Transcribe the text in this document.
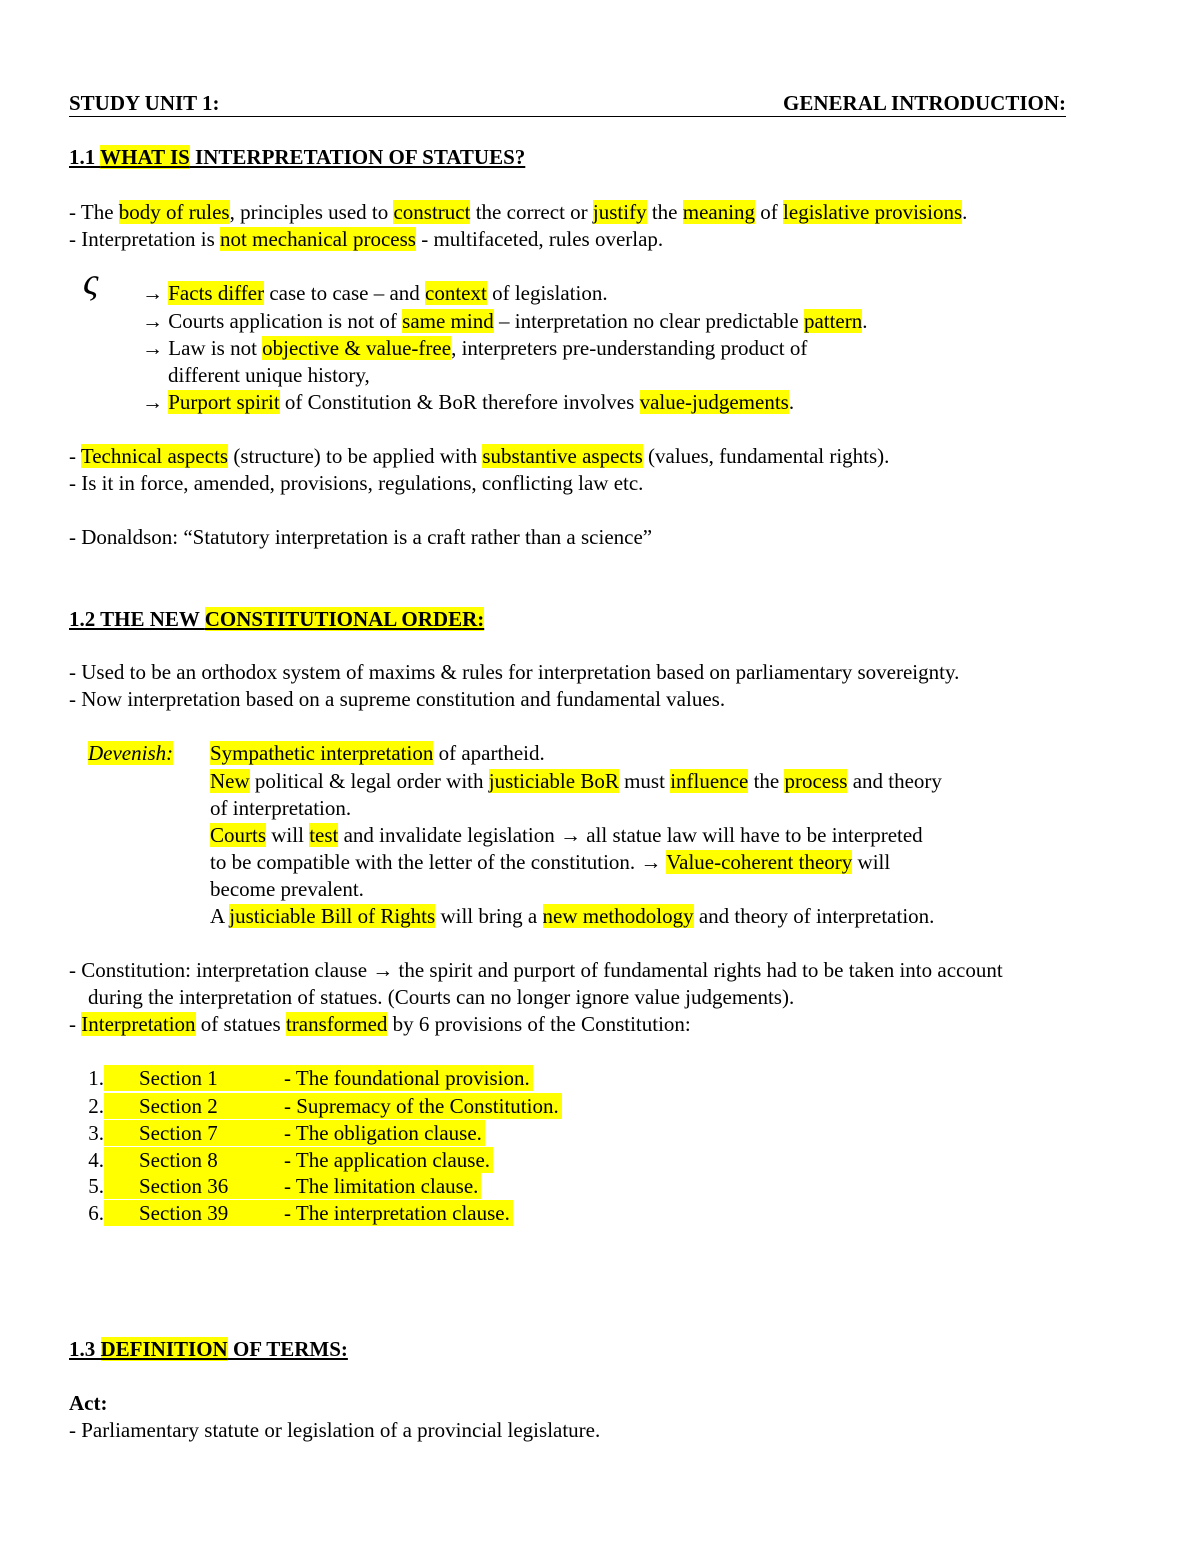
STUDY UNIT 1:	GENERAL INTRODUCTION:
1.1 WHAT IS INTERPRETATION OF STATUES?
- The body of rules, principles used to construct the correct or justify the meaning of legislative provisions.
- Interpretation is not mechanical process - multifaceted, rules overlap.
ς → Facts differ case to case – and context of legislation.
→ Courts application is not of same mind – interpretation no clear predictable pattern.
→ Law is not objective & value-free, interpreters pre-understanding product of
different unique history,
→ Purport spirit of Constitution & BoR therefore involves value-judgements.
- Technical aspects (structure) to be applied with substantive aspects (values, fundamental rights).
- Is it in force, amended, provisions, regulations, conflicting law etc.
- Donaldson: “Statutory interpretation is a craft rather than a science”
1.2 THE NEW CONSTITUTIONAL ORDER:
- Used to be an orthodox system of maxims & rules for interpretation based on parliamentary sovereignty.
- Now interpretation based on a supreme constitution and fundamental values.
Devenish: Sympathetic interpretation of apartheid.
New political & legal order with justiciable BoR must influence the process and theory
of interpretation.
Courts will test and invalidate legislation → all statue law will have to be interpreted
to be compatible with the letter of the constitution. → Value-coherent theory will
become prevalent.
A justiciable Bill of Rights will bring a new methodology and theory of interpretation.
- Constitution: interpretation clause → the spirit and purport of fundamental rights had to be taken into account
during the interpretation of statues. (Courts can no longer ignore value judgements).
- Interpretation of statues transformed by 6 provisions of the Constitution:
1.	Section 1	- The foundational provision.
2.	Section 2	- Supremacy of the Constitution.
3.	Section 7	- The obligation clause.
4.	Section 8	- The application clause.
5.	Section 36	- The limitation clause.
6.	Section 39	- The interpretation clause.
1.3 DEFINITION OF TERMS:
Act:
- Parliamentary statute or legislation of a provincial legislature.
